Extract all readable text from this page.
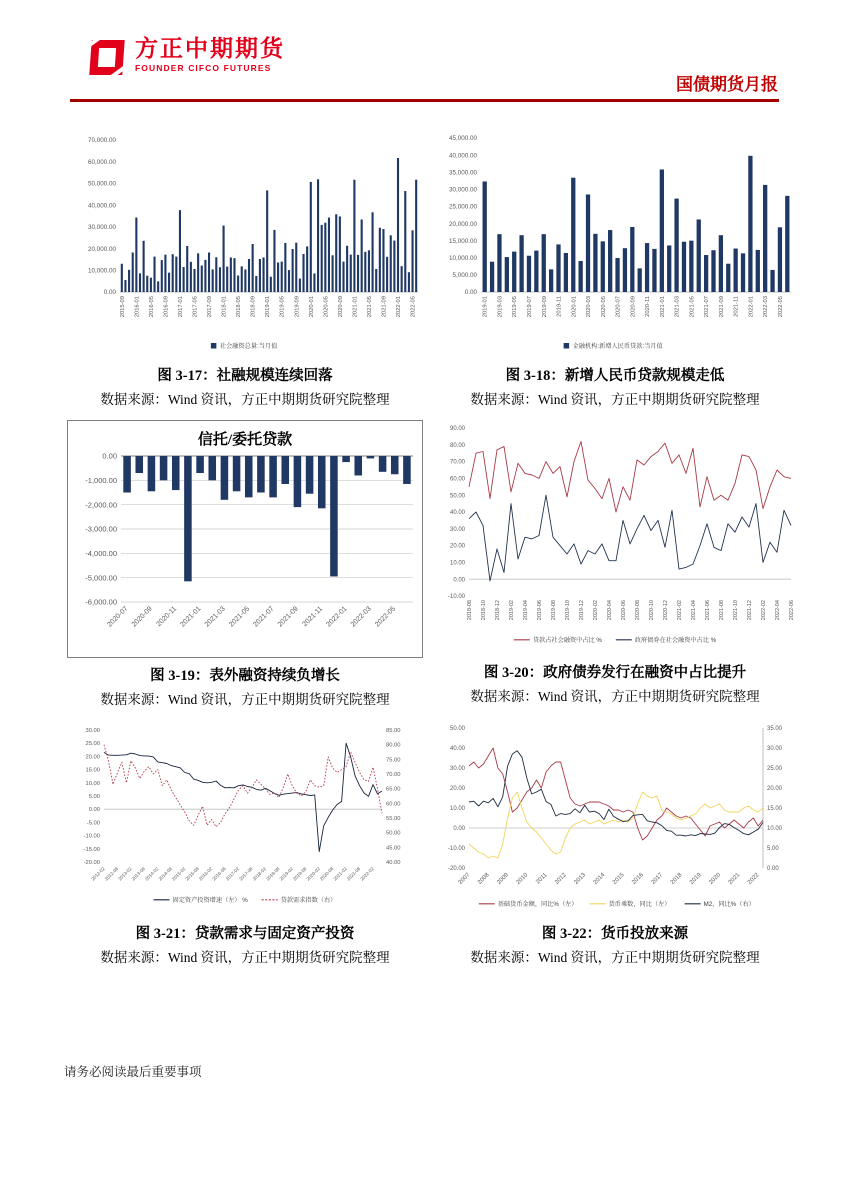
方正中期期货
FOUNDER CIFCO FUTURES
国债期货月报
0.00
10,000.00
20,000.00
30,000.00
40,000.00
50,000.00
60,000.00
70,000.00
2015-09 2016-01 2016-05 2016-09 2017-01 2017-05 2017-09 2018-01 2018-05 2018-09 2019-01 2019-05 2019-09 2020-01 2020-05 2020-09 2021-01 2021-05 2021-09 2022-01 2022-05
社会融资总量:当月值
图 3-17：社融规模连续回落
数据来源：Wind 资讯，方正中期期货研究院整理
0.00
5,000.00
10,000.00
15,000.00
20,000.00
25,000.00
30,000.00
35,000.00
40,000.00
45,000.00
2019-01 2019-03 2019-05 2019-07 2019-09 2019-11 2020-01 2020-03 2020-05 2020-07 2020-09 2020-11 2021-01 2021-03 2021-05 2021-07 2021-09 2021-11 2022-01 2022-03 2022-05
金融机构:新增人民币贷款:当月值
图 3-18：新增人民币贷款规模走低
数据来源：Wind 资讯，方正中期期货研究院整理
信托/委托贷款
-6,000.00
-5,000.00
-4,000.00
-3,000.00
-2,000.00
-1,000.00
0.00
2020-07 2020-09 2020-11 2021-01 2021-03 2021-05 2021-07 2021-09 2021-11 2022-01 2022-03 2022-05
图 3-19：表外融资持续负增长
数据来源：Wind 资讯，方正中期期货研究院整理
-10.00
0.00
10.00
20.00
30.00
40.00
50.00
60.00
70.00
80.00
90.00
2018-08 2018-10 2018-12 2019-02 2019-04 2019-06 2019-08 2019-10 2019-12 2020-02 2020-04 2020-06 2020-08 2020-10 2020-12 2021-02 2021-04 2021-06 2021-08 2021-10 2021-12 2022-02 2022-04 2022-06
贷款占社会融资中占比 %	政府债券在社会融资中占比 %
图 3-20：政府债券发行在融资中占比提升
数据来源：Wind 资讯，方正中期期货研究院整理
-20.00
-15.00
-10.00
-5.00
0.00
5.00
10.00
15.00
20.00
25.00
30.00
40.00
45.00
50.00
55.00
60.00
65.00
70.00
75.00
80.00
85.00
2012-02
2012-08
2013-02
2013-08
2014-02
2014-08
2015-02
2015-08
2016-02
2016-08
2017-02
2017-08
2018-02
2018-08
2019-02
2019-08
2020-02
2020-08
2021-02
2021-08
2022-02
固定资产投资增速（左） %	贷款需求指数（右）
图 3-21：贷款需求与固定资产投资
数据来源：Wind 资讯，方正中期期货研究院整理
-20.00
-10.00
0.00
10.00
20.00
30.00
40.00
50.00
0.00
5.00
10.00
15.00
20.00
25.00
30.00
35.00
2007 2008 2009 2010 2011 2012 2013 2014 2015 2016 2017 2018 2019 2020 2021 2022
基础货币金额，同比%（左）	货币乘数，同比（左）	M2，同比%（右）
图 3-22：货币投放来源
数据来源：Wind 资讯，方正中期期货研究院整理
请务必阅读最后重要事项
